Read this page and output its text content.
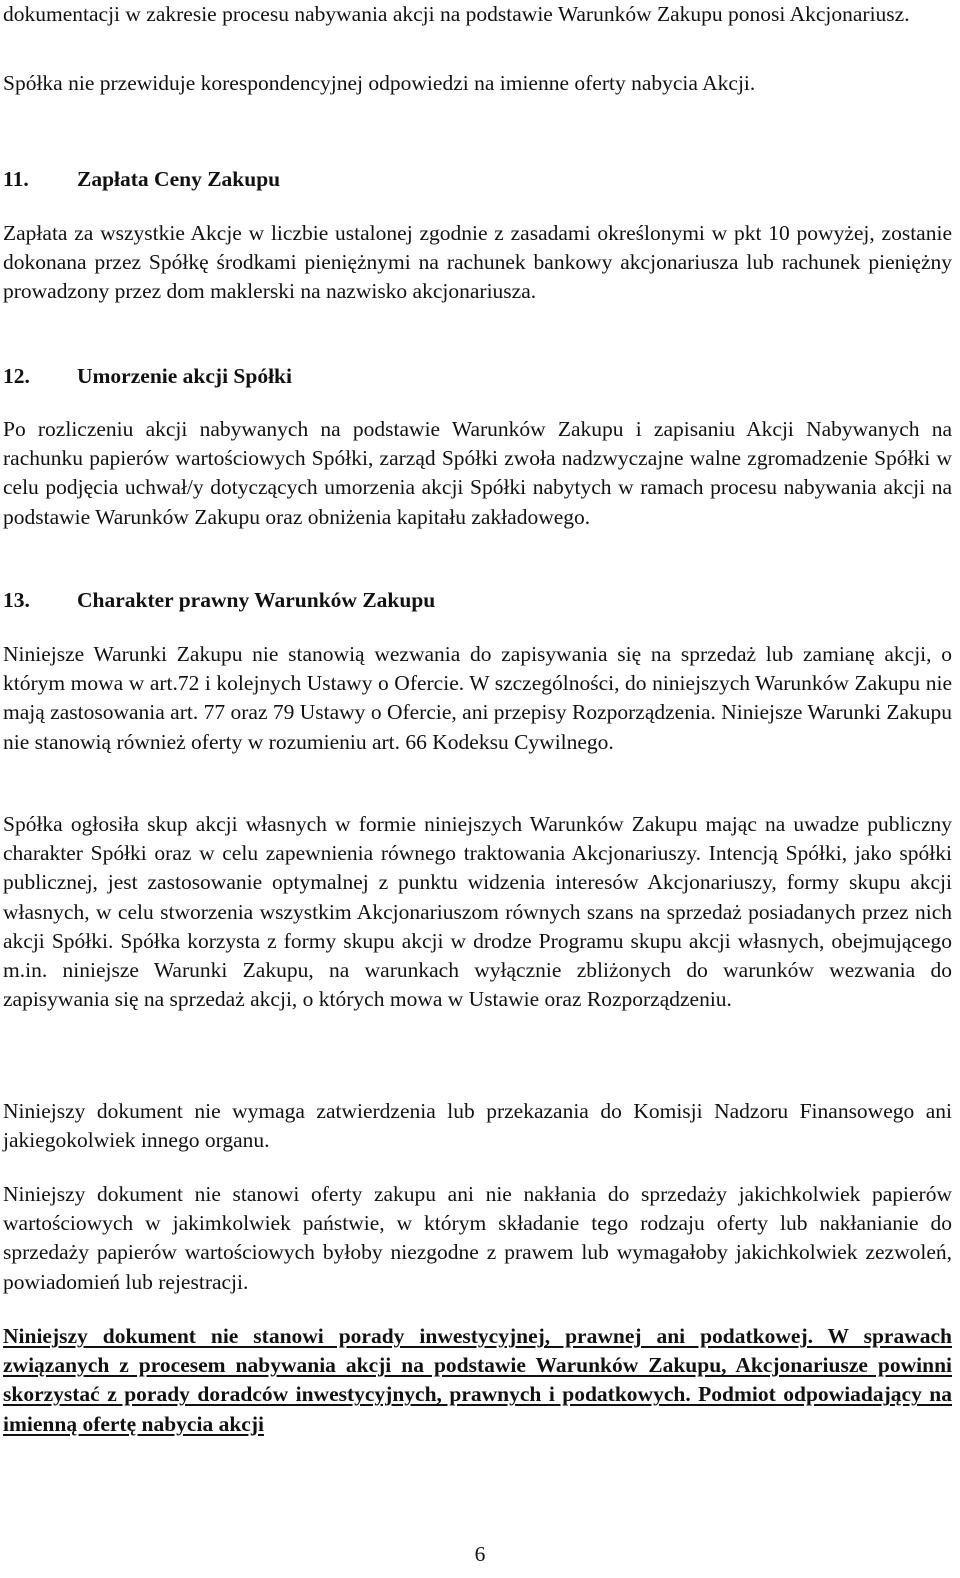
dokumentacji w zakresie procesu nabywania akcji na podstawie Warunków Zakupu ponosi Akcjonariusz.

Spółka nie przewiduje korespondencyjnej odpowiedzi na imienne oferty nabycia Akcji.

11.	Zapłata Ceny Zakupu

Zapłata za wszystkie Akcje w liczbie ustalonej zgodnie z zasadami określonymi w pkt 10 powyżej, zostanie dokonana przez Spółkę środkami pieniężnymi na rachunek bankowy akcjonariusza lub rachunek pieniężny prowadzony przez dom maklerski na nazwisko akcjonariusza.

12.	Umorzenie akcji Spółki

Po rozliczeniu akcji nabywanych na podstawie Warunków Zakupu i zapisaniu Akcji Nabywanych na rachunku papierów wartościowych Spółki, zarząd Spółki zwoła nadzwyczajne walne zgromadzenie Spółki w celu podjęcia uchwał/y dotyczących umorzenia akcji Spółki nabytych w ramach procesu nabywania akcji na podstawie Warunków Zakupu oraz obniżenia kapitału zakładowego.

13.	Charakter prawny Warunków Zakupu

Niniejsze Warunki Zakupu nie stanowią wezwania do zapisywania się na sprzedaż lub zamianę akcji, o którym mowa w art.72 i kolejnych Ustawy o Ofercie. W szczególności, do niniejszych Warunków Zakupu nie mają zastosowania art. 77 oraz 79 Ustawy o Ofercie, ani przepisy Rozporządzenia. Niniejsze Warunki Zakupu nie stanowią również oferty w rozumieniu art. 66 Kodeksu Cywilnego.

Spółka ogłosiła skup akcji własnych w formie niniejszych Warunków Zakupu mając na uwadze publiczny charakter Spółki oraz w celu zapewnienia równego traktowania Akcjonariuszy. Intencją Spółki, jako spółki publicznej, jest zastosowanie optymalnej z punktu widzenia interesów Akcjonariuszy, formy skupu akcji własnych, w celu stworzenia wszystkim Akcjonariuszom równych szans na sprzedaż posiadanych przez nich akcji Spółki. Spółka korzysta z formy skupu akcji w drodze Programu skupu akcji własnych, obejmującego m.in. niniejsze Warunki Zakupu, na warunkach wyłącznie zbliżonych do warunków wezwania do zapisywania się na sprzedaż akcji, o których mowa w Ustawie oraz Rozporządzeniu.

Niniejszy dokument nie wymaga zatwierdzenia lub przekazania do Komisji Nadzoru Finansowego ani jakiegokolwiek innego organu.

Niniejszy dokument nie stanowi oferty zakupu ani nie nakłania do sprzedaży jakichkolwiek papierów wartościowych w jakimkolwiek państwie, w którym składanie tego rodzaju oferty lub nakłanianie do sprzedaży papierów wartościowych byłoby niezgodne z prawem lub wymagałoby jakichkolwiek zezwoleń, powiadomień lub rejestracji.

Niniejszy dokument nie stanowi porady inwestycyjnej, prawnej ani podatkowej. W sprawach związanych z procesem nabywania akcji na podstawie Warunków Zakupu, Akcjonariusze powinni skorzystać z porady doradców inwestycyjnych, prawnych i podatkowych. Podmiot odpowiadający na imienną ofertę nabycia akcji

6
